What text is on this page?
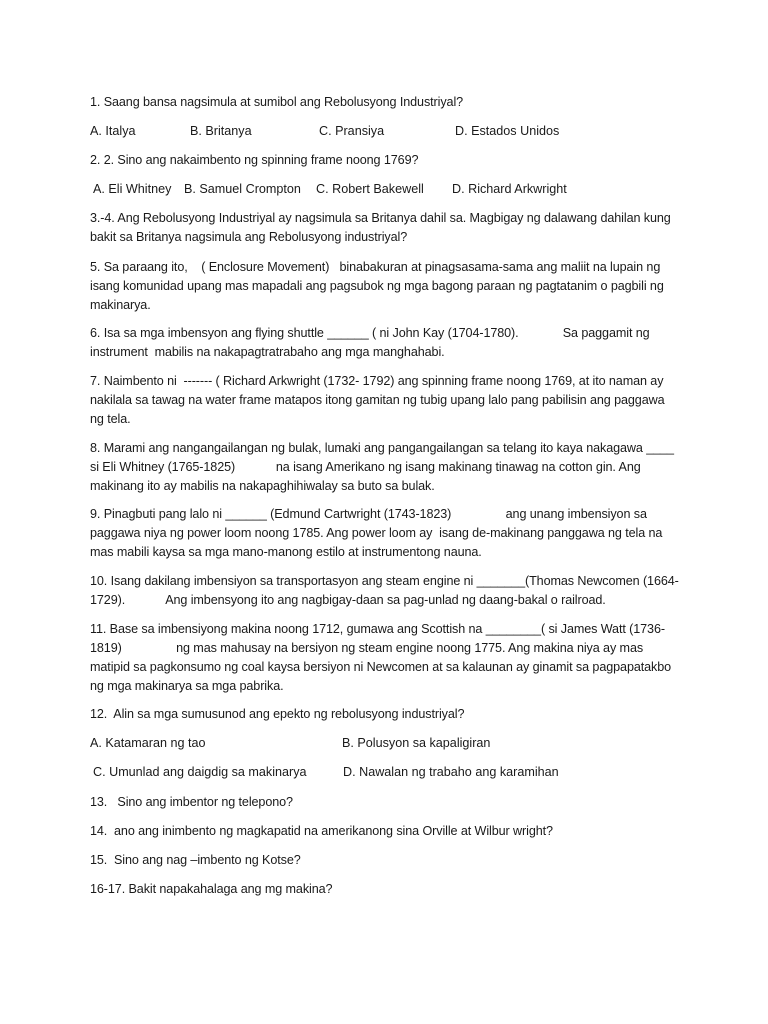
1. Saang bansa nagsimula at sumibol ang Rebolusyong Industriyal?
A. Italya	B. Britanya	C. Pransiya	D. Estados Unidos
2. 2. Sino ang nakaimbento ng spinning frame noong 1769?
A. Eli Whitney B. Samuel Crompton C. Robert Bakewell D. Richard Arkwright
3.-4. Ang Rebolusyong Industriyal ay nagsimula sa Britanya dahil sa. Magbigay ng dalawang dahilan kung bakit sa Britanya nagsimula ang Rebolusyong industriyal?
5. Sa paraang ito,    ( Enclosure Movement)   binabakuran at pinagsasama-sama ang maliit na lupain ng isang komunidad upang mas mapadali ang pagsubok ng mga bagong paraan ng pagtatanim o pagbili ng makinarya.
6. Isa sa mga imbensyon ang flying shuttle ______ ( ni John Kay (1704-1780).             Sa paggamit ng instrument  mabilis na nakapagtratrabaho ang mga manghahabi.
7. Naimbento ni  ------- ( Richard Arkwright (1732- 1792) ang spinning frame noong 1769, at ito naman ay nakilala sa tawag na water frame matapos itong gamitan ng tubig upang lalo pang pabilisin ang paggawa ng tela.
8. Marami ang nangangailangan ng bulak, lumaki ang pangangailangan sa telang ito kaya nakagawa ____ si Eli Whitney (1765-1825)            na isang Amerikano ng isang makinang tinawag na cotton gin. Ang makinang ito ay mabilis na nakapaghihiwalay sa buto sa bulak.
9. Pinagbuti pang lalo ni ______ (Edmund Cartwright (1743-1823)                ang unang imbensiyon sa paggawa niya ng power loom noong 1785. Ang power loom ay  isang de-makinang panggawa ng tela na mas mabili kaysa sa mga mano-manong estilo at instrumentong nauna.
10. Isang dakilang imbensiyon sa transportasyon ang steam engine ni _______(Thomas Newcomen (1664-1729).            Ang imbensyong ito ang nagbigay-daan sa pag-unlad ng daang-bakal o railroad.
11. Base sa imbensiyong makina noong 1712, gumawa ang Scottish na ________( si James Watt (1736-1819)                ng mas mahusay na bersiyon ng steam engine noong 1775. Ang makina niya ay mas matipid sa pagkonsumo ng coal kaysa bersiyon ni Newcomen at sa kalaunan ay ginamit sa pagpapatakbo ng mga makinarya sa mga pabrika.
12.  Alin sa mga sumusunod ang epekto ng rebolusyong industriyal?
A. Katamaran ng tao	B. Polusyon sa kapaligiran
C. Umunlad ang daigdig sa makinarya	D. Nawalan ng trabaho ang karamihan
13.   Sino ang imbentor ng telepono?
14.  ano ang inimbento ng magkapatid na amerikanong sina Orville at Wilbur wright?
15.  Sino ang nag –imbento ng Kotse?
16-17. Bakit napakahalaga ang mg makina?
